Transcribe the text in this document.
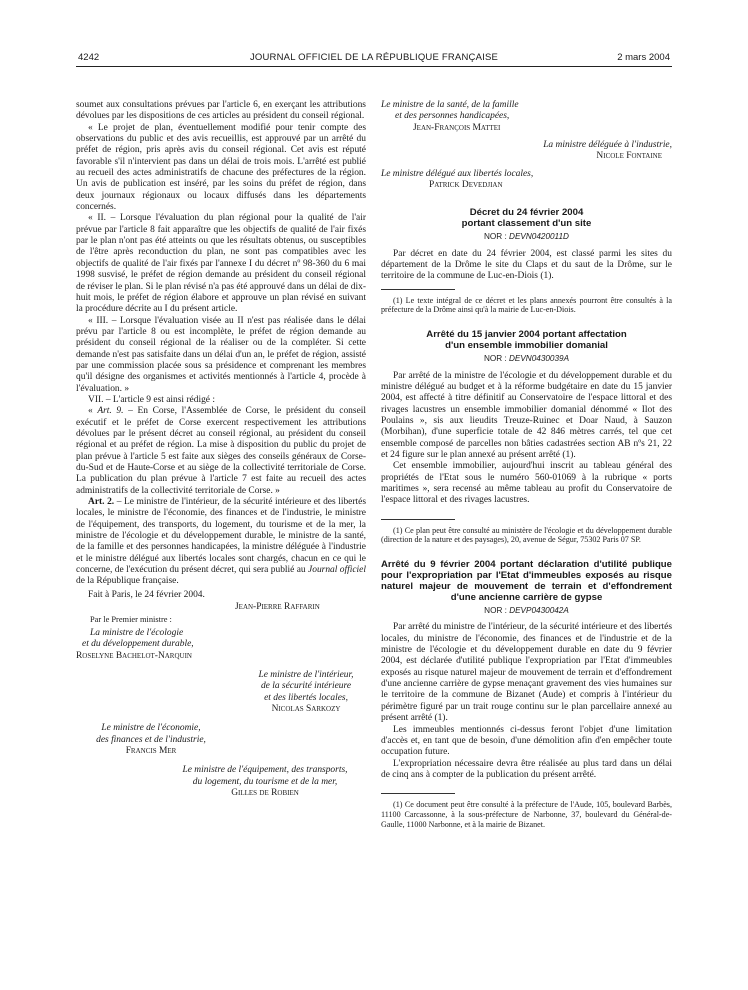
4242	JOURNAL OFFICIEL DE LA RÉPUBLIQUE FRANÇAISE	2 mars 2004

soumet aux consultations prévues par l'article 6, en exerçant les attributions dévolues par les dispositions de ces articles au président du conseil régional.

« Le projet de plan, éventuellement modifié pour tenir compte des observations du public et des avis recueillis, est approuvé par un arrêté du préfet de région, pris après avis du conseil régional. Cet avis est réputé favorable s'il n'intervient pas dans un délai de trois mois. L'arrêté est publié au recueil des actes administratifs de chacune des préfectures de la région. Un avis de publication est inséré, par les soins du préfet de région, dans deux journaux régionaux ou locaux diffusés dans les départements concernés.

« II. – Lorsque l'évaluation du plan régional pour la qualité de l'air prévue par l'article 8 fait apparaître que les objectifs de qualité de l'air fixés par le plan n'ont pas été atteints ou que les résultats obtenus, ou susceptibles de l'être après reconduction du plan, ne sont pas compatibles avec les objectifs de qualité de l'air fixés par l'annexe I du décret nº 98-360 du 6 mai 1998 susvisé, le préfet de région demande au président du conseil régional de réviser le plan. Si le plan révisé n'a pas été approuvé dans un délai de dix-huit mois, le préfet de région élabore et approuve un plan révisé en suivant la procédure décrite au I du présent article.

« III. – Lorsque l'évaluation visée au II n'est pas réalisée dans le délai prévu par l'article 8 ou est incomplète, le préfet de région demande au président du conseil régional de la réaliser ou de la compléter. Si cette demande n'est pas satisfaite dans un délai d'un an, le préfet de région, assisté par une commission placée sous sa présidence et comprenant les membres qu'il désigne des organismes et activités mentionnés à l'article 4, procède à l'évaluation. »

VII. – L'article 9 est ainsi rédigé :

« Art. 9. – En Corse, l'Assemblée de Corse, le président du conseil exécutif et le préfet de Corse exercent respectivement les attributions dévolues par le présent décret au conseil régional, au président du conseil régional et au préfet de région. La mise à disposition du public du projet de plan prévue à l'article 5 est faite aux sièges des conseils généraux de Corse-du-Sud et de Haute-Corse et au siège de la collectivité territoriale de Corse. La publication du plan prévue à l'article 7 est faite au recueil des actes administratifs de la collectivité territoriale de Corse. »

Art. 2. – Le ministre de l'intérieur, de la sécurité intérieure et des libertés locales, le ministre de l'économie, des finances et de l'industrie, le ministre de l'équipement, des transports, du logement, du tourisme et de la mer, la ministre de l'écologie et du développement durable, le ministre de la santé, de la famille et des personnes handicapées, la ministre déléguée à l'industrie et le ministre délégué aux libertés locales sont chargés, chacun en ce qui le concerne, de l'exécution du présent décret, qui sera publié au Journal officiel de la République française.

Fait à Paris, le 24 février 2004.

Jean-Pierre Raffarin
Par le Premier ministre :
La ministre de l'écologie
et du développement durable,
Roselyne Bachelot-Narquin
Le ministre de l'intérieur,
de la sécurité intérieure
et des libertés locales,
Nicolas Sarkozy
Le ministre de l'économie,
des finances et de l'industrie,
Francis Mer
Le ministre de l'équipement, des transports,
du logement, du tourisme et de la mer,
Gilles de Robien
Le ministre de la santé, de la famille
et des personnes handicapées,
Jean-François Mattei
La ministre déléguée à l'industrie,
Nicole Fontaine
Le ministre délégué aux libertés locales,
Patrick Devedjian

Décret du 24 février 2004

portant classement d'un site

NOR : DEVN0420011D

Par décret en date du 24 février 2004, est classé parmi les sites du département de la Drôme le site du Claps et du saut de la Drôme, sur le territoire de la commune de Luc-en-Diois (1).

(1) Le texte intégral de ce décret et les plans annexés pourront être consultés à la préfecture de la Drôme ainsi qu'à la mairie de Luc-en-Diois.

Arrêté du 15 janvier 2004 portant affectation

d'un ensemble immobilier domanial

NOR : DEVN0430039A

Par arrêté de la ministre de l'écologie et du développement durable et du ministre délégué au budget et à la réforme budgétaire en date du 15 janvier 2004, est affecté à titre définitif au Conservatoire de l'espace littoral et des rivages lacustres un ensemble immobilier domanial dénommé « Ilot des Poulains », sis aux lieudits Treuze-Ruinec et Doar Naud, à Sauzon (Morbihan), d'une superficie totale de 42 846 mètres carrés, tel que cet ensemble composé de parcelles non bâties cadastrées section AB nºs 21, 22 et 24 figure sur le plan annexé au présent arrêté (1).

Cet ensemble immobilier, aujourd'hui inscrit au tableau général des propriétés de l'Etat sous le numéro 560-01069 à la rubrique « ports maritimes », sera recensé au même tableau au profit du Conservatoire de l'espace littoral et des rivages lacustres.

(1) Ce plan peut être consulté au ministère de l'écologie et du développement durable (direction de la nature et des paysages), 20, avenue de Ségur, 75302 Paris 07 SP.

Arrêté du 9 février 2004 portant déclaration d'utilité publique pour l'expropriation par l'Etat d'immeubles exposés au risque naturel majeur de mouvement de terrain et d'effondrement d'une ancienne carrière de gypse

NOR : DEVP0430042A

Par arrêté du ministre de l'intérieur, de la sécurité intérieure et des libertés locales, du ministre de l'économie, des finances et de l'industrie et de la ministre de l'écologie et du développement durable en date du 9 février 2004, est déclarée d'utilité publique l'expropriation par l'Etat d'immeubles exposés au risque naturel majeur de mouvement de terrain et d'effondrement d'une ancienne carrière de gypse menaçant gravement des vies humaines sur le territoire de la commune de Bizanet (Aude) et compris à l'intérieur du périmètre figuré par un trait rouge continu sur le plan parcellaire annexé au présent arrêté (1).

Les immeubles mentionnés ci-dessus feront l'objet d'une limitation d'accès et, en tant que de besoin, d'une démolition afin d'en empêcher toute occupation future.

L'expropriation nécessaire devra être réalisée au plus tard dans un délai de cinq ans à compter de la publication du présent arrêté.

(1) Ce document peut être consulté à la préfecture de l'Aude, 105, boulevard Barbès, 11100 Carcassonne, à la sous-préfecture de Narbonne, 37, boulevard du Général-de-Gaulle, 11000 Narbonne, et à la mairie de Bizanet.
